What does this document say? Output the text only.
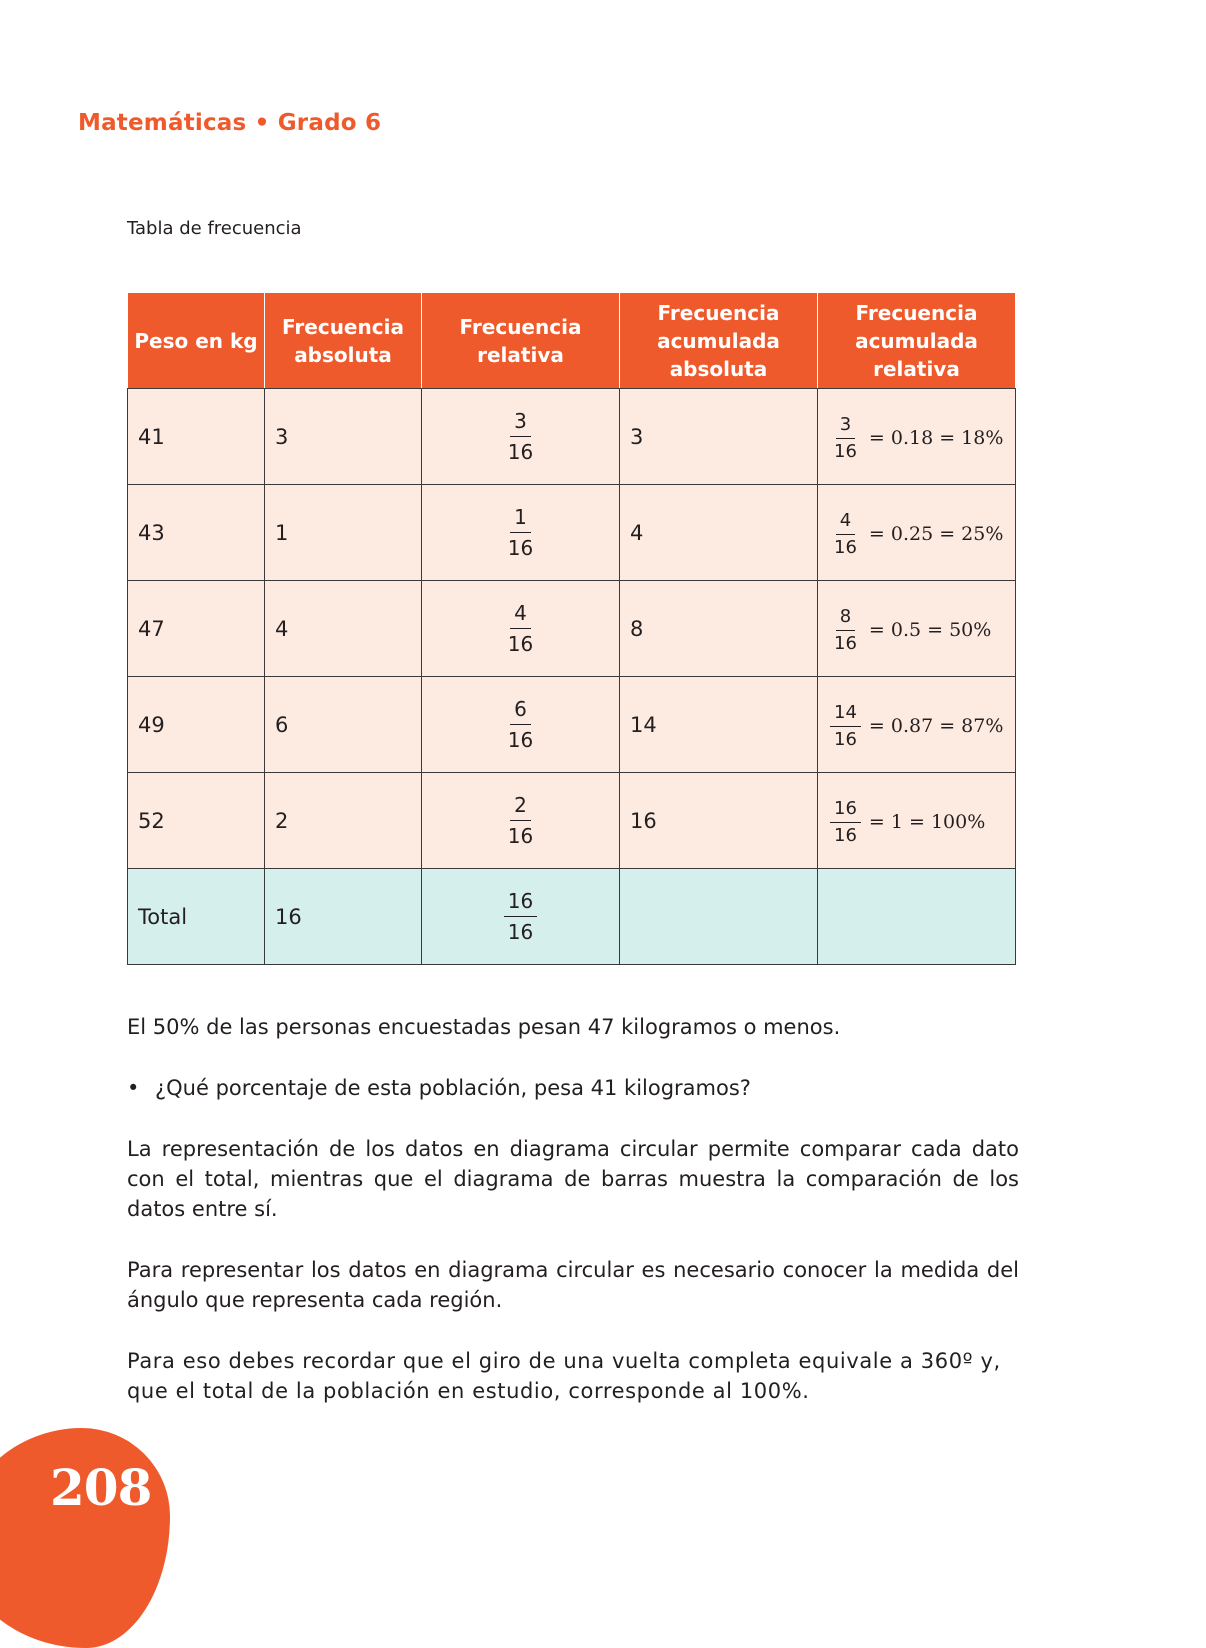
Matemáticas • Grado 6
Tabla de frecuencia
Peso en kg	Frecuencia absoluta	Frecuencia relativa	Frecuencia acumulada absoluta	Frecuencia acumulada relativa
41	3	$\frac{3}{16}$	3	$\frac{3}{16} = 0.18 = 18\%$

43	1	$\frac{1}{16}$	4	$\frac{4}{16} = 0.25 = 25\%$

47	4	$\frac{4}{16}$	8	$\frac{8}{16} = 0.5 = 50\%$

49	6	$\frac{6}{16}$	14	$\frac{14}{16} = 0.87 = 87\%$

52	2	$\frac{2}{16}$	16	$\frac{16}{16} = 1 = 100\%$

Total	16	$\frac{16}{16}$

El 50% de las personas encuestadas pesan 47 kilogramos o menos.
• ¿Qué porcentaje de esta población, pesa 41 kilogramos?
La representación de los datos en diagrama circular permite comparar cada dato con el total, mientras que el diagrama de barras muestra la comparación de los datos entre sí.
Para representar los datos en diagrama circular es necesario conocer la medida del ángulo que representa cada región.
Para eso debes recordar que el giro de una vuelta completa equivale a 360º y, que el total de la población en estudio, corresponde al 100%.
208
